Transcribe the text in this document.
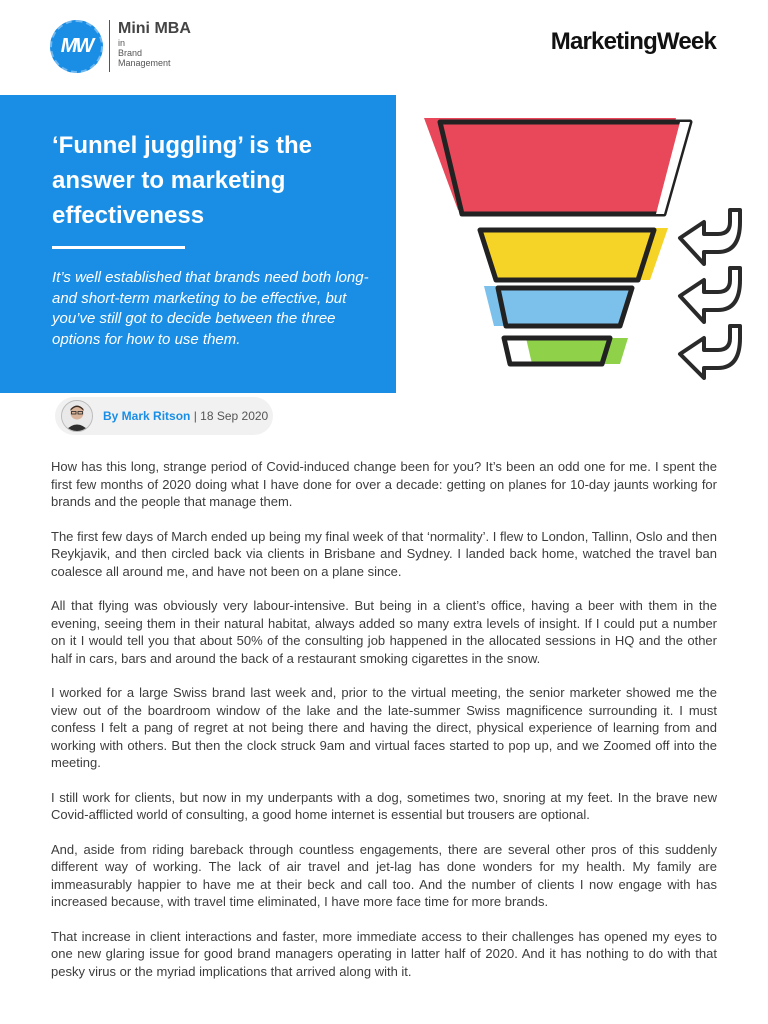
MW
Mini MBA
in
Brand
Management
MarketingWeek
‘Funnel juggling’ is the answer to marketing effectiveness

It’s well established that brands need both long- and short-term marketing to be effective, but you’ve still got to decide between the three options for how to use them.

By Mark Ritson | 18 Sep 2020

How has this long, strange period of Covid-induced change been for you? It’s been an odd one for me. I spent the first few months of 2020 doing what I have done for over a decade: getting on planes for 10-day jaunts working for brands and the people that manage them.

The first few days of March ended up being my final week of that ‘normality’. I flew to London, Tallinn, Oslo and then Reykjavik, and then circled back via clients in Brisbane and Sydney. I landed back home, watched the travel ban coalesce all around me, and have not been on a plane since.

All that flying was obviously very labour-intensive. But being in a client’s office, having a beer with them in the evening, seeing them in their natural habitat, always added so many extra levels of insight. If I could put a number on it I would tell you that about 50% of the consulting job happened in the allocated sessions in HQ and the other half in cars, bars and around the back of a restaurant smoking cigarettes in the snow.

I worked for a large Swiss brand last week and, prior to the virtual meeting, the senior marketer showed me the view out of the boardroom window of the lake and the late-summer Swiss magnificence surrounding it. I must confess I felt a pang of regret at not being there and having the direct, physical experience of learning from and working with others. But then the clock struck 9am and virtual faces started to pop up, and we Zoomed off into the meeting.

I still work for clients, but now in my underpants with a dog, sometimes two, snoring at my feet. In the brave new Covid-afflicted world of consulting, a good home internet is essential but trousers are optional.

And, aside from riding bareback through countless engagements, there are several other pros of this suddenly different way of working. The lack of air travel and jet-lag has done wonders for my health. My family are immeasurably happier to have me at their beck and call too. And the number of clients I now engage with has increased because, with travel time eliminated, I have more face time for more brands.

That increase in client interactions and faster, more immediate access to their challenges has opened my eyes to one new glaring issue for good brand managers operating in latter half of 2020. And it has nothing to do with that pesky virus or the myriad implications that arrived along with it.
